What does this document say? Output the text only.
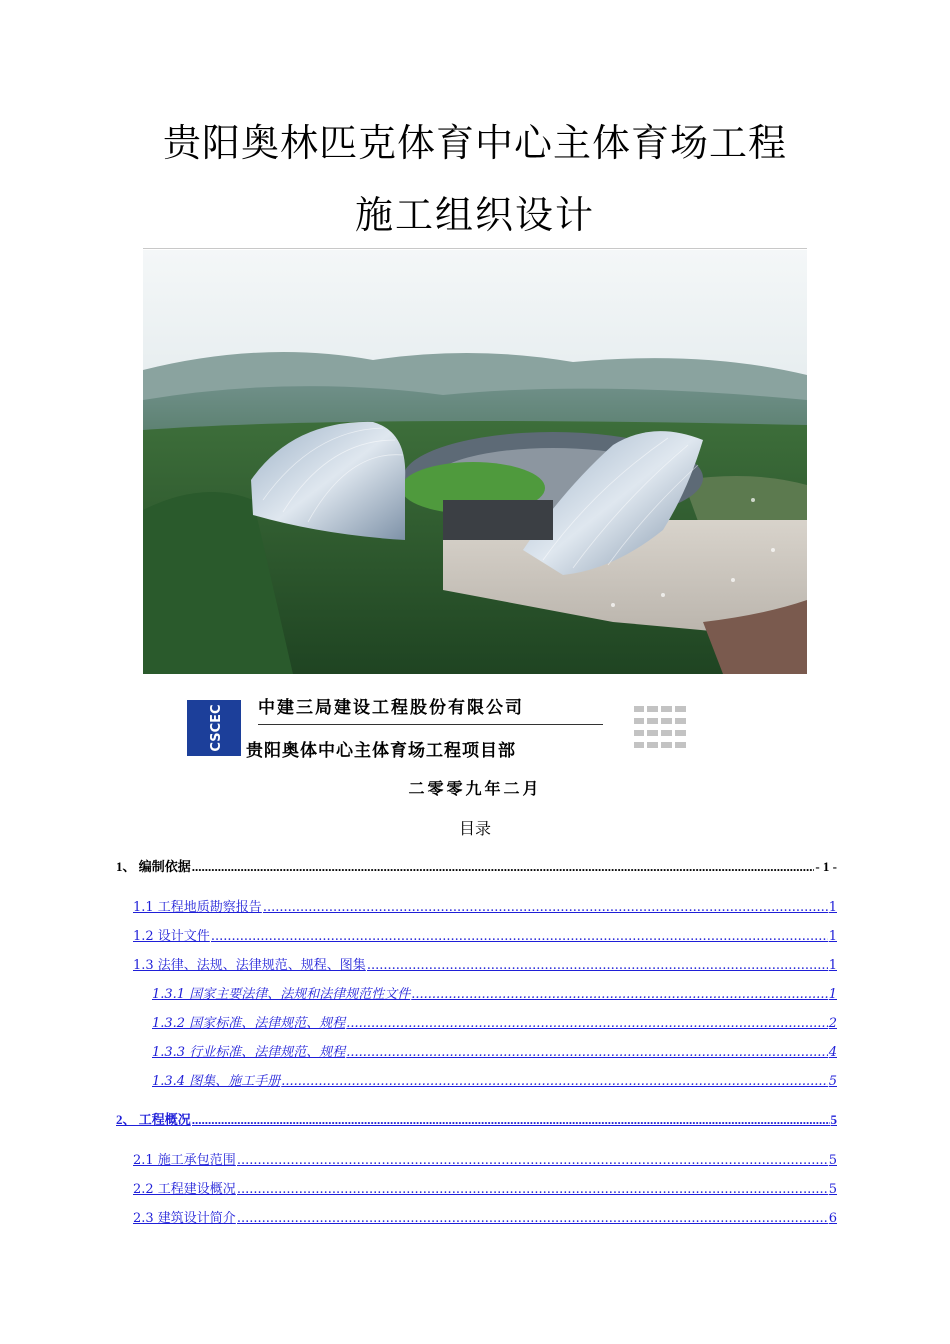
贵阳奥林匹克体育中心主体育场工程
施工组织设计
CSCEC 中建三局建设工程股份有限公司
贵阳奥体中心主体育场工程项目部
二零零九年二月
目录
1、 编制依据 .....	- 1 -
1.1 工程地质勘察报告 .....	1
1.2 设计文件 .....	1
1.3 法律、法规、法律规范、规程、图集 .....	1
1.3.1 国家主要法律、法规和法律规范性文件 .....	1
1.3.2 国家标准、法律规范、规程 .....	2
1.3.3 行业标准、法律规范、规程 .....	4
1.3.4 图集、施工手册 .....	5
2、 工程概况 .....	5
2.1 施工承包范围 .....	5
2.2 工程建设概况 .....	5
2.3 建筑设计简介 .....	6
